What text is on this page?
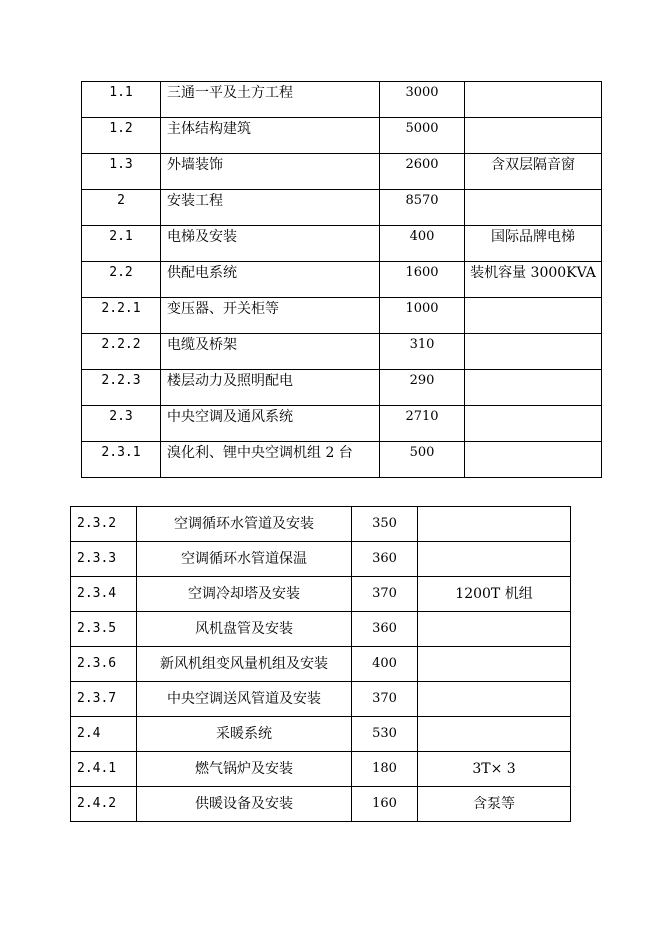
1.1	三通一平及土方工程	3000	
1.2	主体结构建筑	5000	
1.3	外墙装饰	2600	含双层隔音窗
2	安装工程	8570	
2.1	电梯及安装	400	国际品牌电梯
2.2	供配电系统	1600	装机容量 3000KVA
2.2.1	变压器、开关柜等	1000	
2.2.2	电缆及桥架	310	
2.2.3	楼层动力及照明配电	290	
2.3	中央空调及通风系统	2710	
2.3.1	溴化利、锂中央空调机组 2 台	500	
2.3.2	空调循环水管道及安装	350	
2.3.3	空调循环水管道保温	360	
2.3.4	空调冷却塔及安装	370	1200T 机组
2.3.5	风机盘管及安装	360	
2.3.6	新风机组变风量机组及安装	400	
2.3.7	中央空调送风管道及安装	370	
2.4	采暖系统	530	
2.4.1	燃气锅炉及安装	180	3T× 3
2.4.2	供暖设备及安装	160	含泵等
